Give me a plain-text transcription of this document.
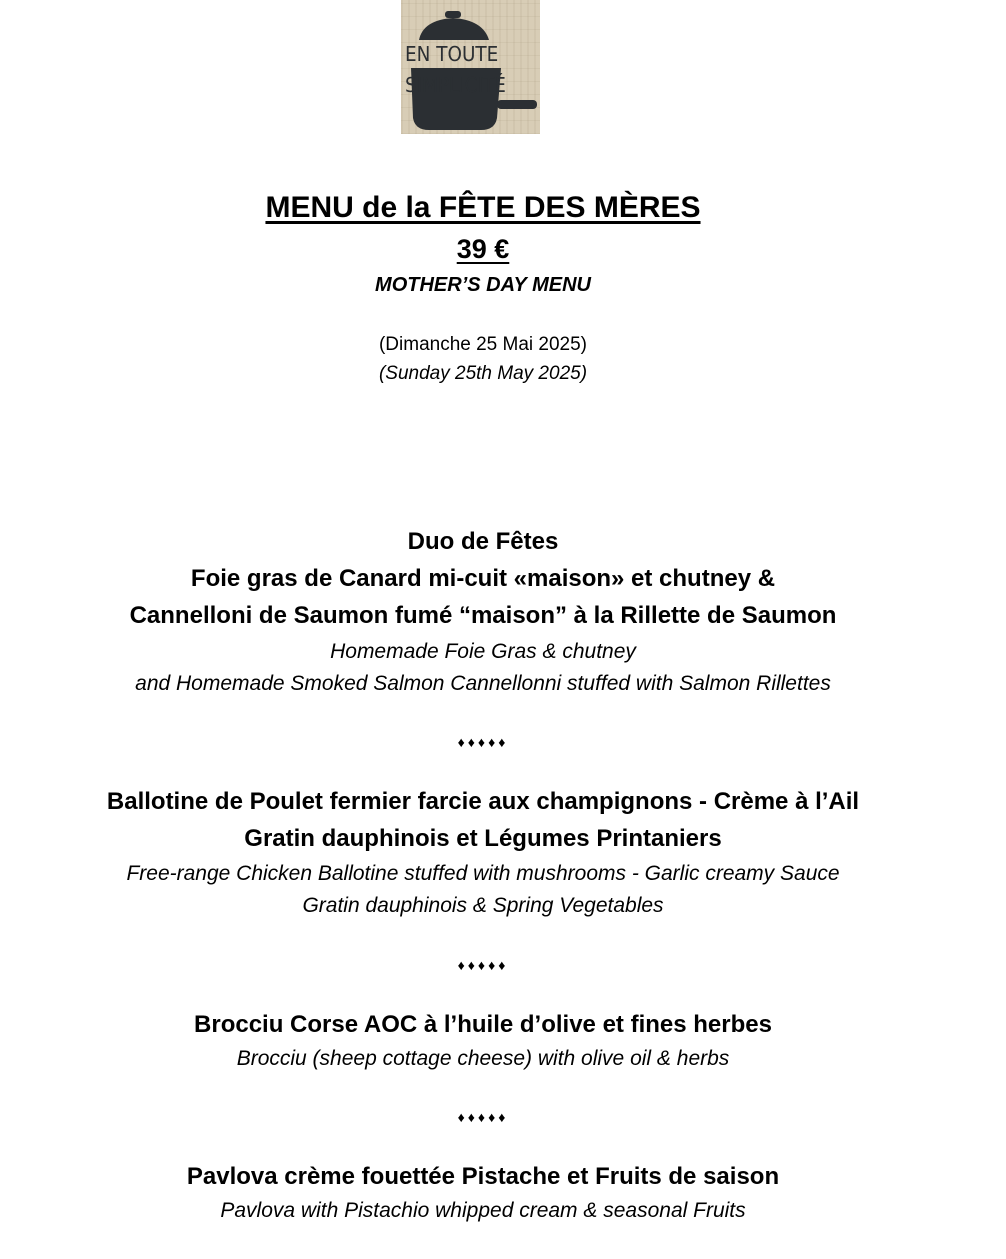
EN TOUTE
SIMPLICITÉ
MENU de la FÊTE DES MÈRES
39 €
MOTHER’S DAY MENU
(Dimanche 25 Mai 2025)
(Sunday 25th May 2025)
Duo de Fêtes
Foie gras de Canard mi-cuit «maison» et chutney &
Cannelloni de Saumon fumé “maison” à la Rillette de Saumon
Homemade Foie Gras & chutney
and Homemade Smoked Salmon Cannellonni stuffed with Salmon Rillettes
♦♦♦♦♦
Ballotine de Poulet fermier farcie aux champignons - Crème à l’Ail
Gratin dauphinois et Légumes Printaniers
Free-range Chicken Ballotine stuffed with mushrooms - Garlic creamy Sauce
Gratin dauphinois & Spring Vegetables
♦♦♦♦♦
Brocciu Corse AOC à l’huile d’olive et fines herbes
Brocciu (sheep cottage cheese) with olive oil & herbs
♦♦♦♦♦
Pavlova crème fouettée Pistache et Fruits de saison
Pavlova with Pistachio whipped cream & seasonal Fruits
